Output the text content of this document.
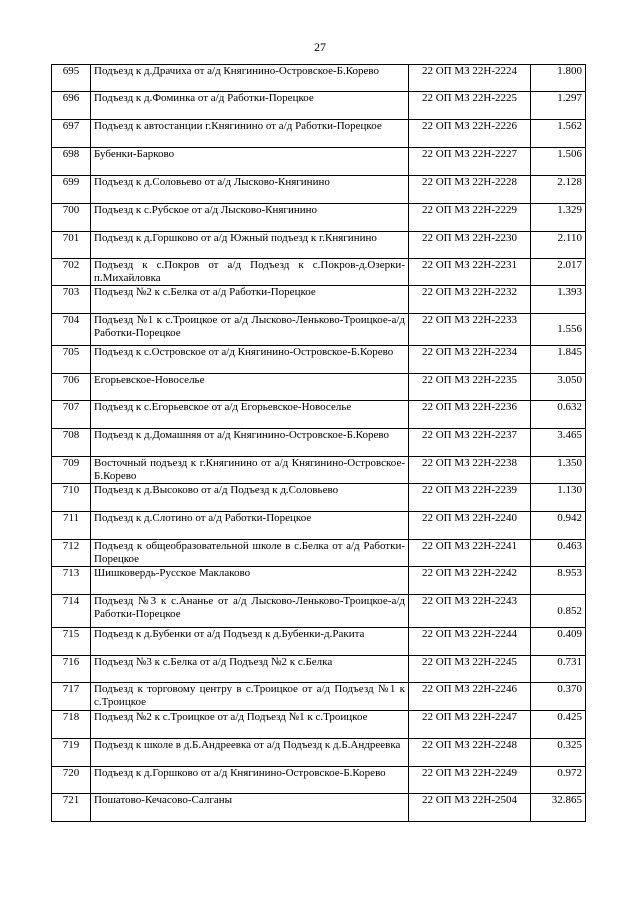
27
695	Подъезд к д.Драчиха от а/д Княгинино-Островское-Б.Корево	22 ОП МЗ 22Н-2224	1.800
696	Подъезд к д.Фоминка от а/д Работки-Порецкое	22 ОП МЗ 22Н-2225	1.297
697	Подъезд к автостанции г.Княгинино от а/д Работки-Порецкое	22 ОП МЗ 22Н-2226	1.562
698	Бубенки-Барково	22 ОП МЗ 22Н-2227	1.506
699	Подъезд к д.Соловьево от а/д Лысково-Княгинино	22 ОП МЗ 22Н-2228	2.128
700	Подъезд к с.Рубское от а/д Лысково-Княгинино	22 ОП МЗ 22Н-2229	1.329
701	Подъезд к д.Горшково от а/д Южный подъезд к г.Княгинино	22 ОП МЗ 22Н-2230	2.110
702	Подъезд к с.Покров от а/д Подъезд к с.Покров-д.Озерки-п.Михайловка	22 ОП МЗ 22Н-2231	2.017
703	Подъезд №2 к с.Белка от а/д Работки-Порецкое	22 ОП МЗ 22Н-2232	1.393
704	Подъезд №1 к с.Троицкое от а/д Лысково-Леньково-Троицкое-а/д Работки-Порецкое	22 ОП МЗ 22Н-2233	1.556
705	Подъезд к с.Островское от а/д Княгинино-Островское-Б.Корево	22 ОП МЗ 22Н-2234	1.845
706	Егорьевское-Новоселье	22 ОП МЗ 22Н-2235	3.050
707	Подъезд к с.Егорьевское от а/д Егорьевское-Новоселье	22 ОП МЗ 22Н-2236	0.632
708	Подъезд к д.Домашняя от а/д Княгинино-Островское-Б.Корево	22 ОП МЗ 22Н-2237	3.465
709	Восточный подъезд к г.Княгинино от а/д Княгинино-Островское-Б.Корево	22 ОП МЗ 22Н-2238	1.350
710	Подъезд к д.Высоково от а/д Подъезд к д.Соловьево	22 ОП МЗ 22Н-2239	1.130
711	Подъезд к д.Слотино от а/д Работки-Порецкое	22 ОП МЗ 22Н-2240	0.942
712	Подъезд к общеобразовательной школе в с.Белка от а/д Работки-Порецкое	22 ОП МЗ 22Н-2241	0.463
713	Шишковердь-Русское Маклаково	22 ОП МЗ 22Н-2242	8.953
714	Подъезд №3 к с.Ананье от а/д Лысково-Леньково-Троицкое-а/д Работки-Порецкое	22 ОП МЗ 22Н-2243	0.852
715	Подъезд к д.Бубенки от а/д Подъезд к д.Бубенки-д.Ракита	22 ОП МЗ 22Н-2244	0.409
716	Подъезд №3 к с.Белка от а/д Подъезд №2 к с.Белка	22 ОП МЗ 22Н-2245	0.731
717	Подъезд к торговому центру в с.Троицкое от а/д Подъезд №1 к с.Троицкое	22 ОП МЗ 22Н-2246	0.370
718	Подъезд №2 к с.Троицкое от а/д Подъезд №1 к с.Троицкое	22 ОП МЗ 22Н-2247	0.425
719	Подъезд к школе в д.Б.Андреевка от а/д Подъезд к д.Б.Андреевка	22 ОП МЗ 22Н-2248	0.325
720	Подъезд к д.Горшково от а/д Княгинино-Островское-Б.Корево	22 ОП МЗ 22Н-2249	0.972
721	Пошатово-Кечасово-Салганы	22 ОП МЗ 22Н-2504	32.865
